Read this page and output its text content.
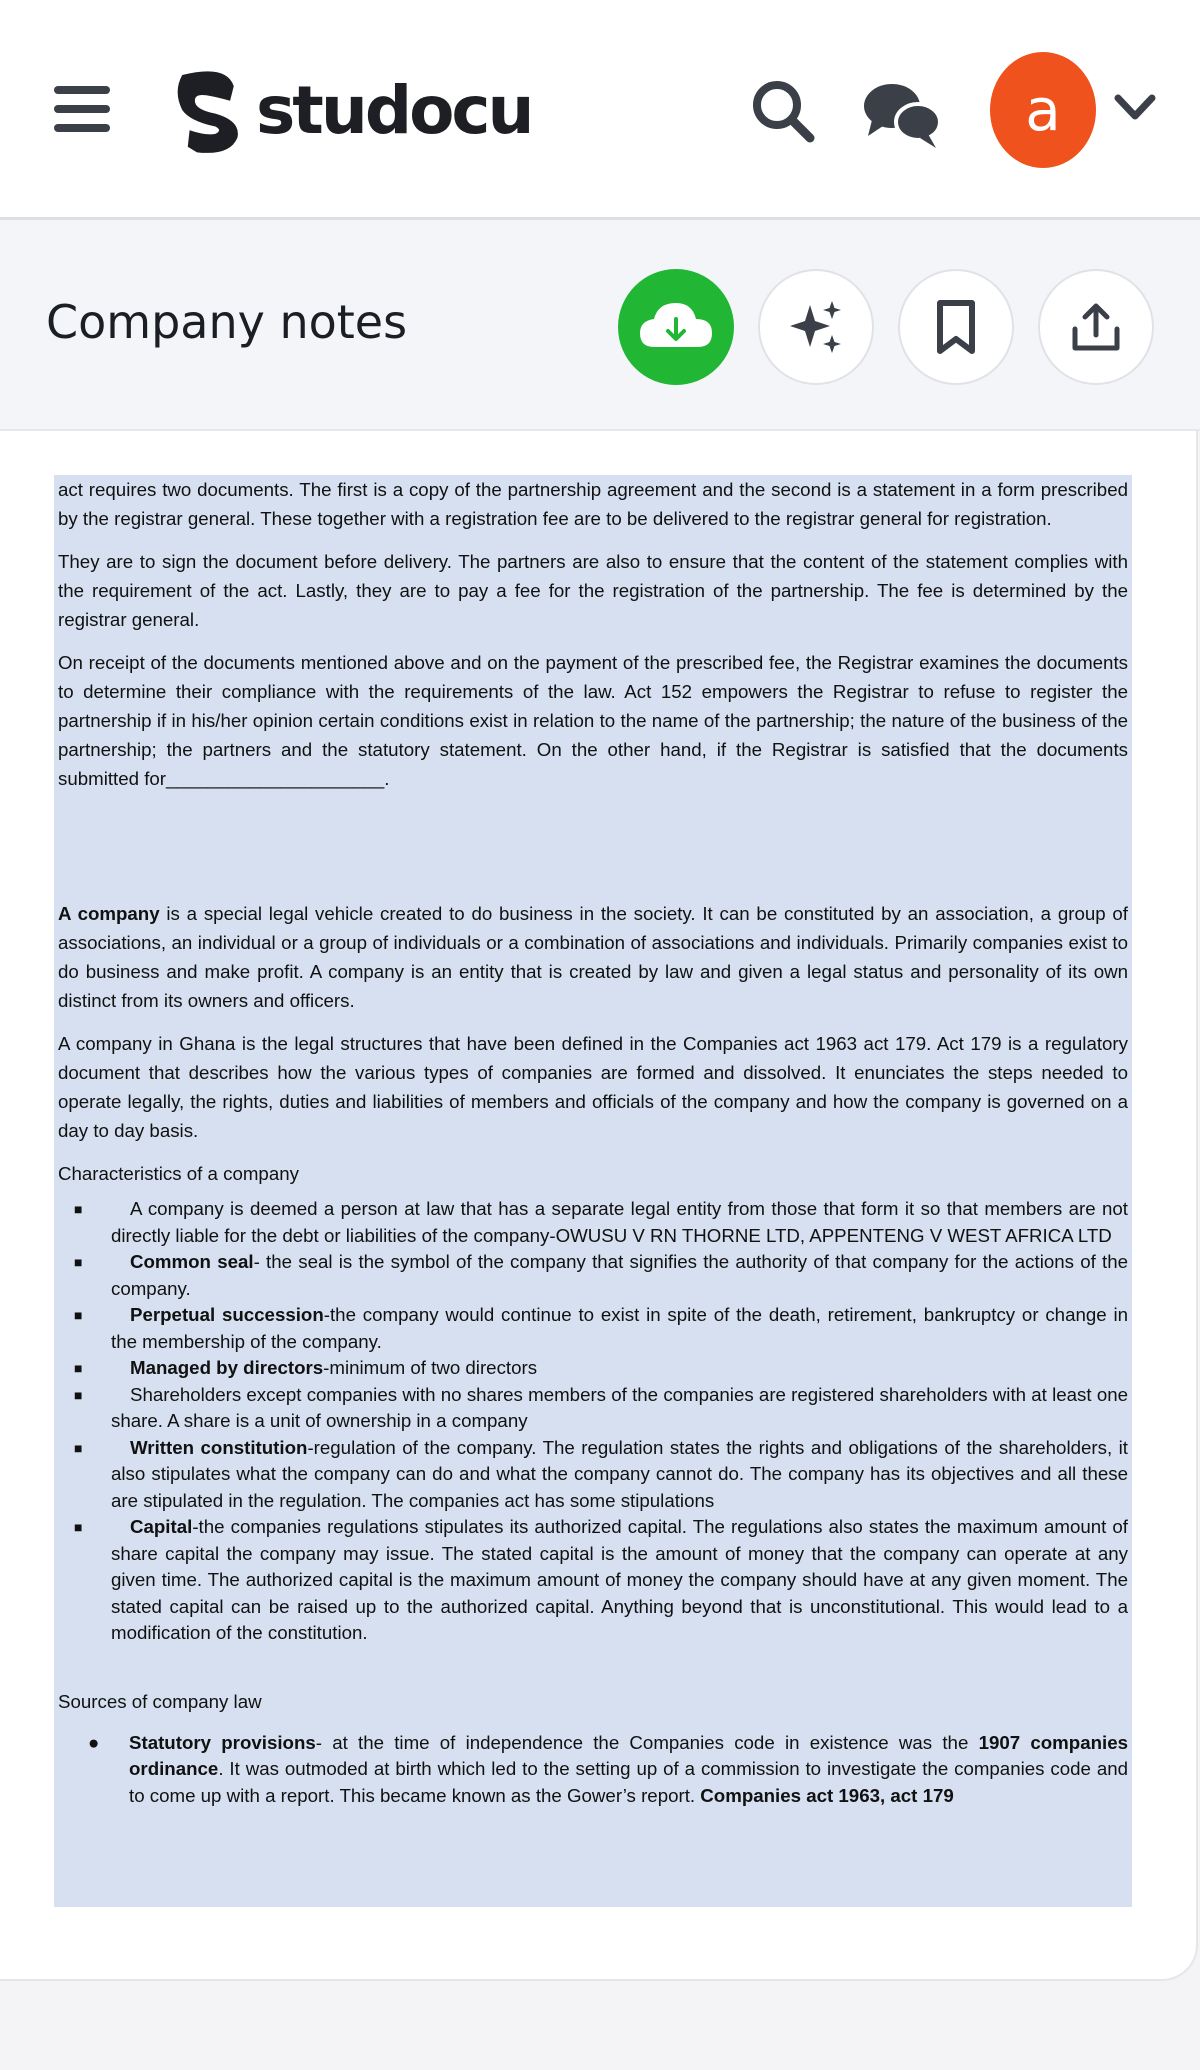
studocu	a
Company notes

act requires two documents. The first is a copy of the partnership agreement and the second is a statement in a form prescribed by the registrar general. These together with a registration fee are to be delivered to the registrar general for registration.

They are to sign the document before delivery. The partners are also to ensure that the content of the statement complies with the requirement of the act. Lastly, they are to pay a fee for the registration of the partnership. The fee is determined by the registrar general.

On receipt of the documents mentioned above and on the payment of the prescribed fee, the Registrar examines the documents to determine their compliance with the requirements of the law. Act 152 empowers the Registrar to refuse to register the partnership if in his/her opinion certain conditions exist in relation to the name of the partnership; the nature of the business of the partnership; the partners and the statutory statement. On the other hand, if the Registrar is satisfied that the documents submitted for_____________________.

A company is a special legal vehicle created to do business in the society. It can be constituted by an association, a group of associations, an individual or a group of individuals or a combination of associations and individuals. Primarily companies exist to do business and make profit. A company is an entity that is created by law and given a legal status and personality of its own distinct from its owners and officers.

A company in Ghana is the legal structures that have been defined in the Companies act 1963 act 179. Act 179 is a regulatory document that describes how the various types of companies are formed and dissolved. It enunciates the steps needed to operate legally, the rights, duties and liabilities of members and officials of the company and how the company is governed on a day to day basis.

Characteristics of a company

■	A company is deemed a person at law that has a separate legal entity from those that form it so that members are not directly liable for the debt or liabilities of the company-OWUSU V RN THORNE LTD, APPENTENG V WEST AFRICA LTD
■	Common seal- the seal is the symbol of the company that signifies the authority of that company for the actions of the company.
■	Perpetual succession-the company would continue to exist in spite of the death, retirement, bankruptcy or change in the membership of the company.
■	Managed by directors-minimum of two directors
■	Shareholders except companies with no shares members of the companies are registered shareholders with at least one share. A share is a unit of ownership in a company
■	Written constitution-regulation of the company. The regulation states the rights and obligations of the shareholders, it also stipulates what the company can do and what the company cannot do. The company has its objectives and all these are stipulated in the regulation. The companies act has some stipulations
■	Capital-the companies regulations stipulates its authorized capital. The regulations also states the maximum amount of share capital the company may issue. The stated capital is the amount of money that the company can operate at any given time. The authorized capital is the maximum amount of money the company should have at any given moment. The stated capital can be raised up to the authorized capital. Anything beyond that is unconstitutional. This would lead to a modification of the constitution.

Sources of company law

● Statutory provisions- at the time of independence the Companies code in existence was the 1907 companies ordinance. It was outmoded at birth which led to the setting up of a commission to investigate the companies code and to come up with a report. This became known as the Gower’s report. Companies act 1963, act 179
